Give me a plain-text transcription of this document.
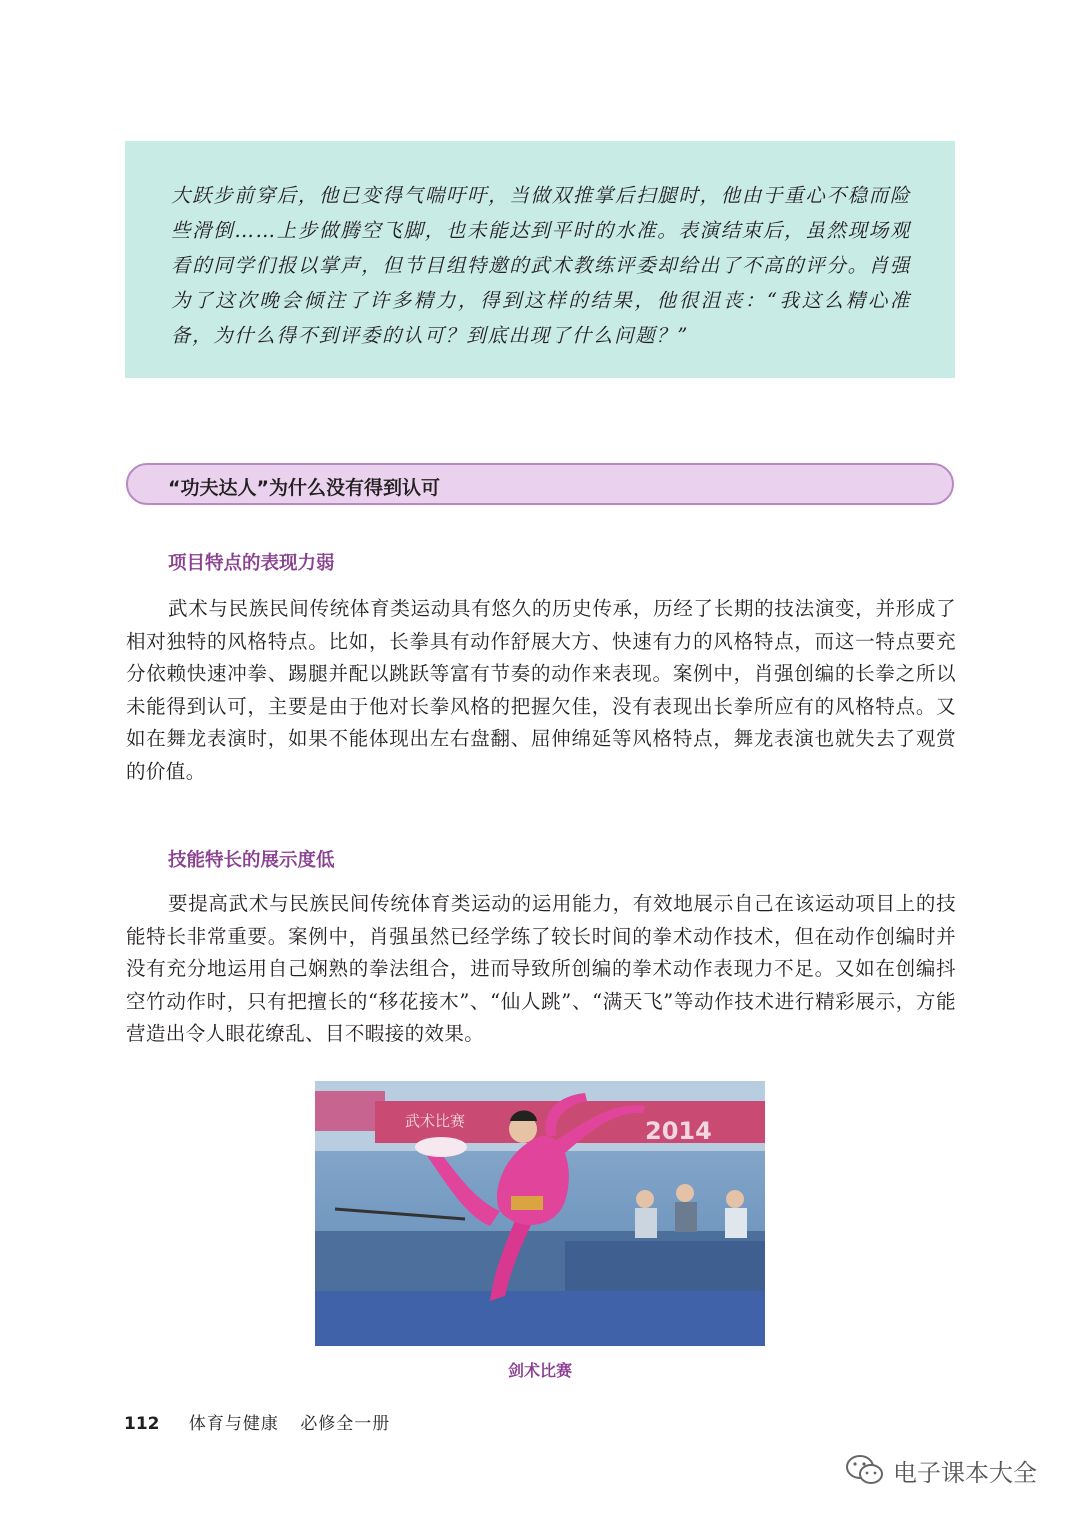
大跃步前穿后，他已变得气喘吁吁，当做双推掌后扫腿时，他由于重心不稳而险些滑倒……上步做腾空飞脚，也未能达到平时的水准。表演结束后，虽然现场观看的同学们报以掌声，但节目组特邀的武术教练评委却给出了不高的评分。肖强为了这次晚会倾注了许多精力，得到这样的结果，他很沮丧：“我这么精心准备，为什么得不到评委的认可？到底出现了什么问题？”

“功夫达人”为什么没有得到认可
项目特点的表现力弱

武术与民族民间传统体育类运动具有悠久的历史传承，历经了长期的技法演变，并形成了相对独特的风格特点。比如，长拳具有动作舒展大方、快速有力的风格特点，而这一特点要充分依赖快速冲拳、踢腿并配以跳跃等富有节奏的动作来表现。案例中，肖强创编的长拳之所以未能得到认可，主要是由于他对长拳风格的把握欠佳，没有表现出长拳所应有的风格特点。又如在舞龙表演时，如果不能体现出左右盘翻、屈伸绵延等风格特点，舞龙表演也就失去了观赏的价值。

技能特长的展示度低

要提高武术与民族民间传统体育类运动的运用能力，有效地展示自己在该运动项目上的技能特长非常重要。案例中，肖强虽然已经学练了较长时间的拳术动作技术，但在动作创编时并没有充分地运用自己娴熟的拳法组合，进而导致所创编的拳术动作表现力不足。又如在创编抖空竹动作时，只有把擅长的“移花接木”、“仙人跳”、“满天飞”等动作技术进行精彩展示，方能营造出令人眼花缭乱、目不暇接的效果。

武术比赛	2014
剑术比赛
112 体育与健康 必修全一册
电子课本大全
